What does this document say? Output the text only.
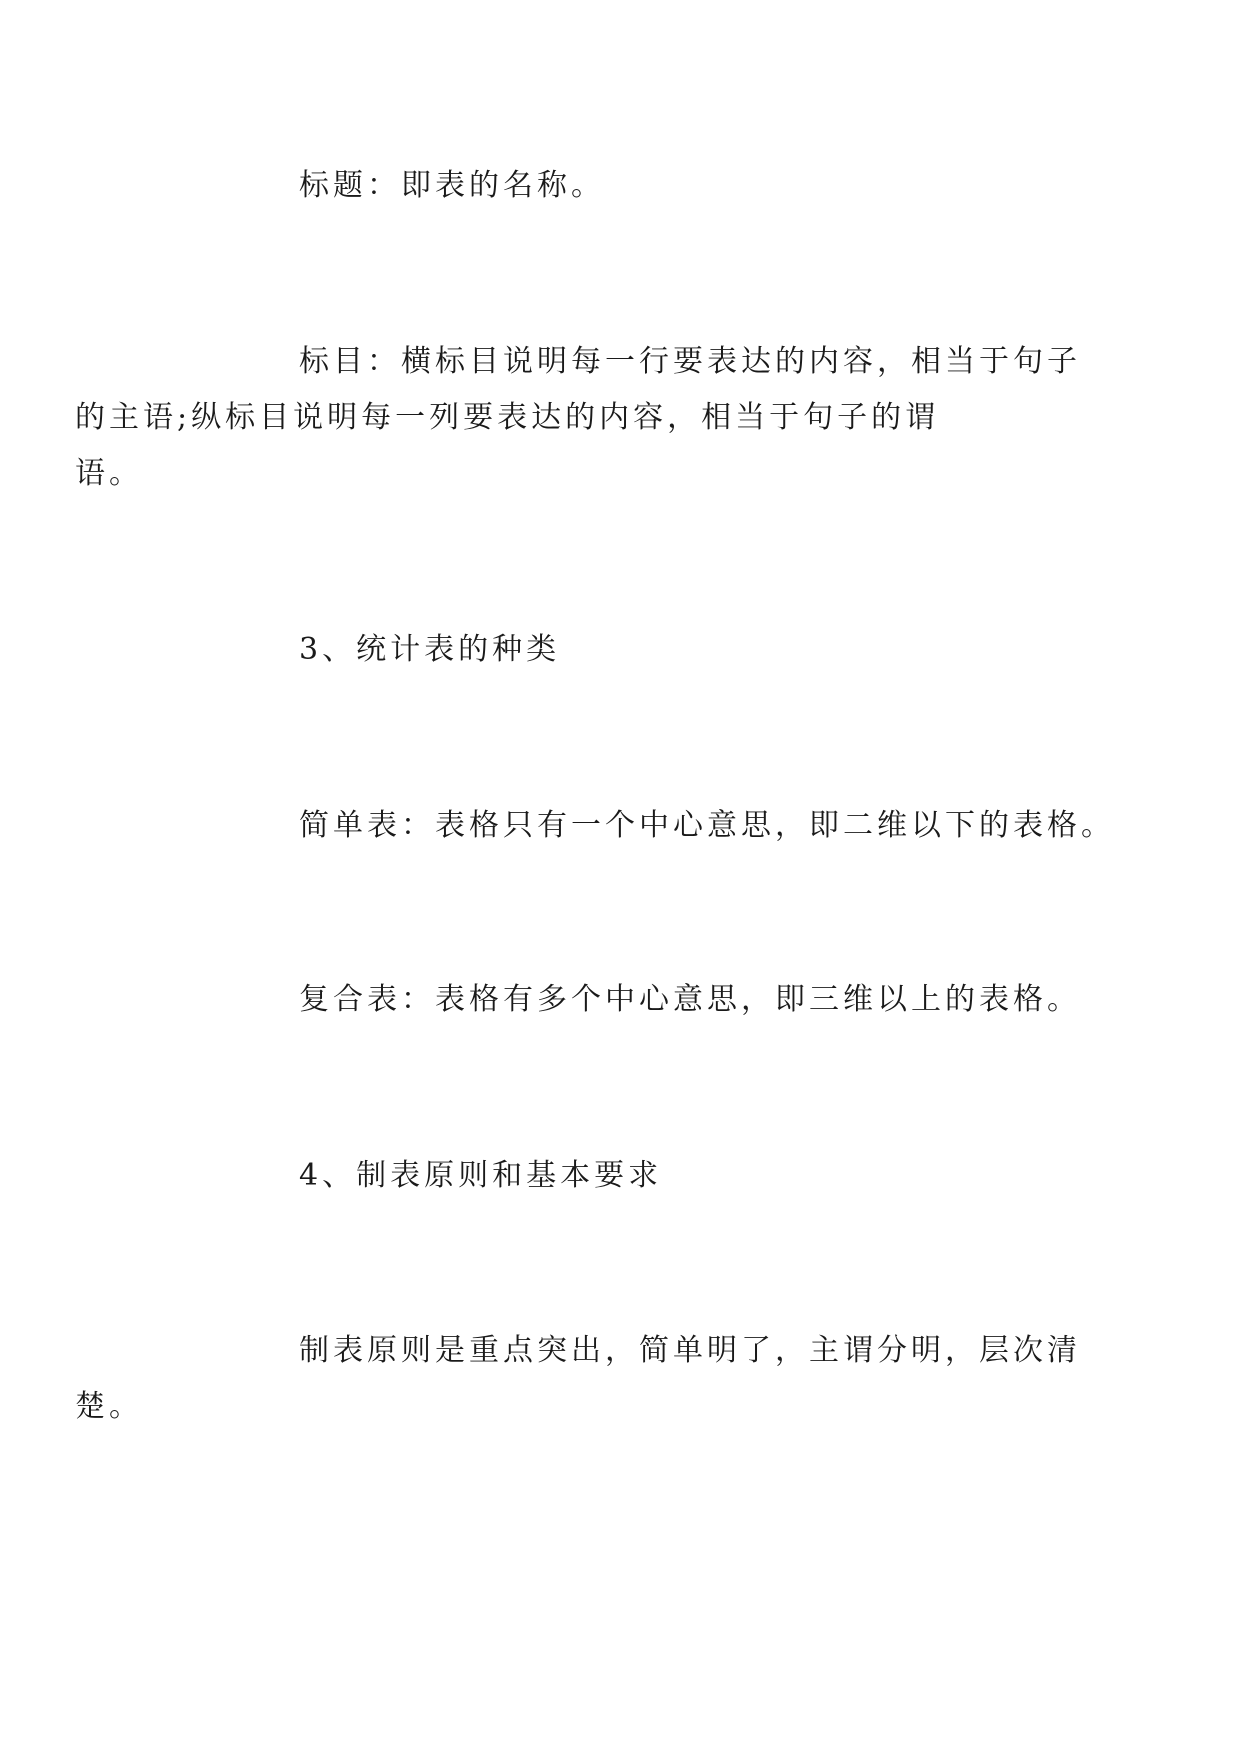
标题：即表的名称。

标目：横标目说明每一行要表达的内容，相当于句子
的主语;纵标目说明每一列要表达的内容，相当于句子的谓
语。

3、统计表的种类

简单表：表格只有一个中心意思，即二维以下的表格。

复合表：表格有多个中心意思，即三维以上的表格。

4、制表原则和基本要求

制表原则是重点突出，简单明了，主谓分明，层次清
楚。
